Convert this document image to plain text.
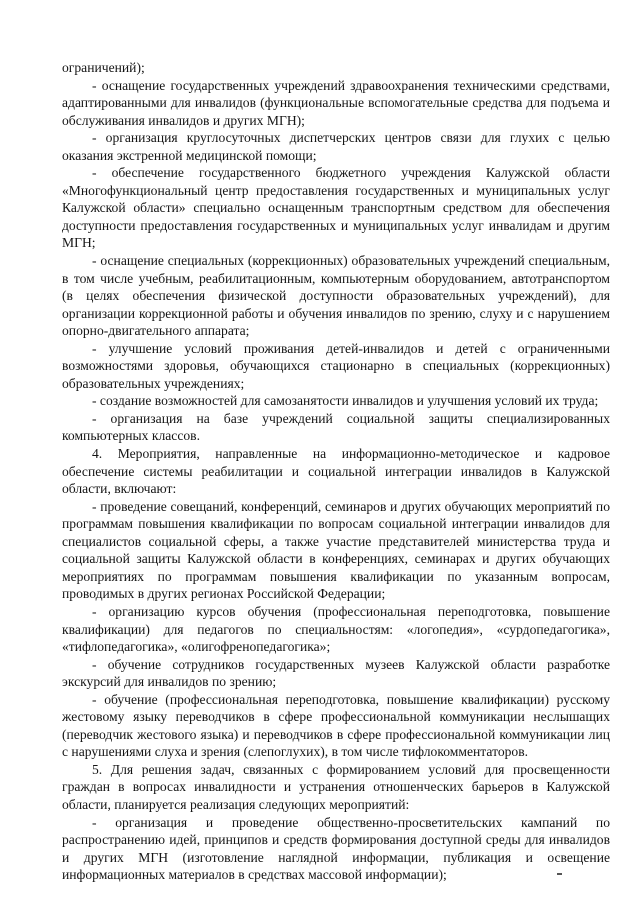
ограничений);

- оснащение государственных учреждений здравоохранения техническими средствами, адаптированными для инвалидов (функциональные вспомогательные средства для подъема и обслуживания инвалидов и других МГН);

- организация круглосуточных диспетчерских центров связи для глухих с целью оказания экстренной медицинской помощи;

- обеспечение государственного бюджетного учреждения Калужской области «Многофункциональный центр предоставления государственных и муниципальных услуг Калужской области» специально оснащенным транспортным средством для обеспечения доступности предоставления государственных и муниципальных услуг инвалидам и другим МГН;

- оснащение специальных (коррекционных) образовательных учреждений специальным, в том числе учебным, реабилитационным, компьютерным оборудованием, автотранспортом (в целях обеспечения физической доступности образовательных учреждений), для организации коррекционной работы и обучения инвалидов по зрению, слуху и с нарушением опорно-двигательного аппарата;

- улучшение условий проживания детей-инвалидов и детей с ограниченными возможностями здоровья, обучающихся стационарно в специальных (коррекционных) образовательных учреждениях;

- создание возможностей для самозанятости инвалидов и улучшения условий их труда;

- организация на базе учреждений социальной защиты специализированных компьютерных классов.

4. Мероприятия, направленные на информационно-методическое и кадровое обеспечение системы реабилитации и социальной интеграции инвалидов в Калужской области, включают:

- проведение совещаний, конференций, семинаров и других обучающих мероприятий по программам повышения квалификации по вопросам социальной интеграции инвалидов для специалистов социальной сферы, а также участие представителей министерства труда и социальной защиты Калужской области в конференциях, семинарах и других обучающих мероприятиях по программам повышения квалификации по указанным вопросам, проводимых в других регионах Российской Федерации;

- организацию курсов обучения (профессиональная переподготовка, повышение квалификации) для педагогов по специальностям: «логопедия», «сурдопедагогика», «тифлопедагогика», «олигофренопедагогика»;

- обучение сотрудников государственных музеев Калужской области разработке экскурсий для инвалидов по зрению;

- обучение (профессиональная переподготовка, повышение квалификации) русскому жестовому языку переводчиков в сфере профессиональной коммуникации неслышащих (переводчик жестового языка) и переводчиков в сфере профессиональной коммуникации лиц с нарушениями слуха и зрения (слепоглухих), в том числе тифлокомментаторов.

5. Для решения задач, связанных с формированием условий для просвещенности граждан в вопросах инвалидности и устранения отношенческих барьеров в Калужской области, планируется реализация следующих мероприятий:

- организация и проведение общественно-просветительских кампаний по распространению идей, принципов и средств формирования доступной среды для инвалидов и других МГН (изготовление наглядной информации, публикация и освещение информационных материалов в средствах массовой информации);
